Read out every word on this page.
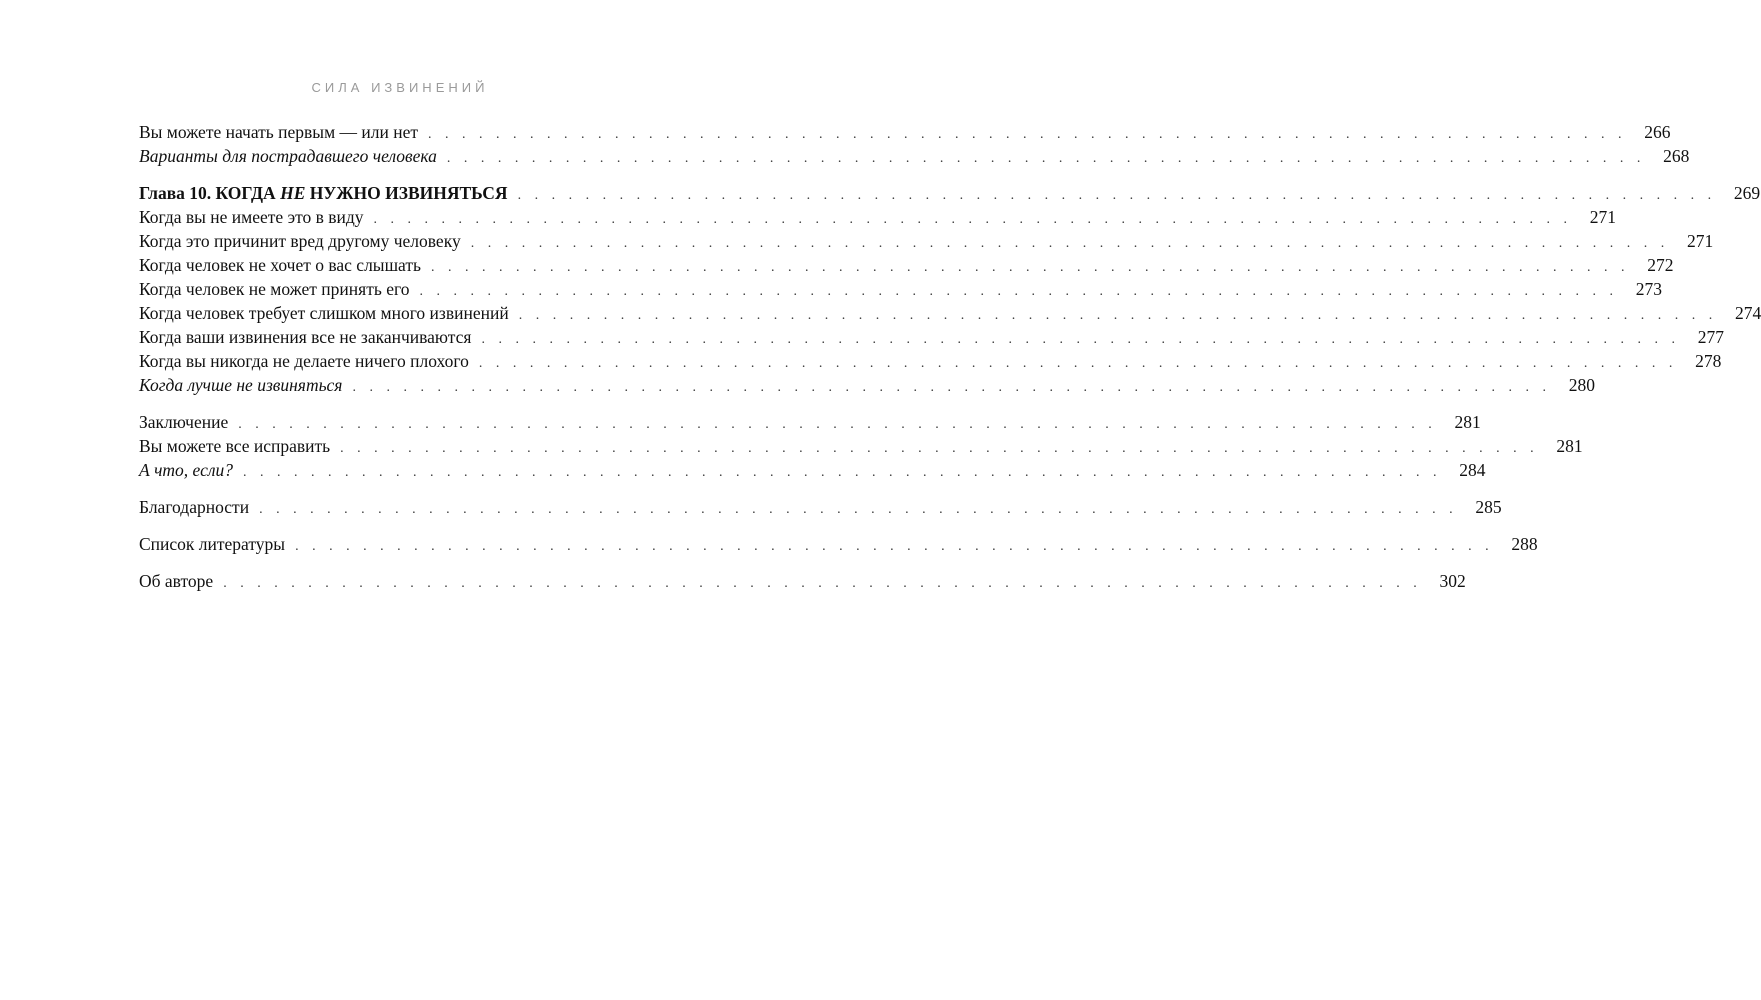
СИЛА ИЗВИНЕНИЙ
Вы можете начать первым — или нет . . . . . . . . . . . . . . . . . . . . . . . . . . . . . . . . . . . . . . . . . . . . . . . . . . . . . . . . . . . . . . . . . . . . . . .	266
Варианты для пострадавшего человека . . . . . . . . . . . . . . . . . . . . . . . . . . . . . . . . . . . . . . . . . . . . . . . . . . . . . . . . . . . . . . . . . . . . . . .	268
Глава 10. КОГДА НЕ НУЖНО ИЗВИНЯТЬСЯ . . . . . . . . . . . . . . . . . . . . . . . . . . . . . . . . . . . . . . . . . . . . . . . . . . . . . . . . . . . . . . . . . . . . . . .	269
Когда вы не имеете это в виду . . . . . . . . . . . . . . . . . . . . . . . . . . . . . . . . . . . . . . . . . . . . . . . . . . . . . . . . . . . . . . . . . . . . . . .	271
Когда это причинит вред другому человеку . . . . . . . . . . . . . . . . . . . . . . . . . . . . . . . . . . . . . . . . . . . . . . . . . . . . . . . . . . . . . . . . . . . . . . .	271
Когда человек не хочет о вас слышать . . . . . . . . . . . . . . . . . . . . . . . . . . . . . . . . . . . . . . . . . . . . . . . . . . . . . . . . . . . . . . . . . . . . . . .	272
Когда человек не может принять его . . . . . . . . . . . . . . . . . . . . . . . . . . . . . . . . . . . . . . . . . . . . . . . . . . . . . . . . . . . . . . . . . . . . . . .	273
Когда человек требует слишком много извинений . . . . . . . . . . . . . . . . . . . . . . . . . . . . . . . . . . . . . . . . . . . . . . . . . . . . . . . . . . . . . . . . . . . . . . .	274
Когда ваши извинения все не заканчиваются . . . . . . . . . . . . . . . . . . . . . . . . . . . . . . . . . . . . . . . . . . . . . . . . . . . . . . . . . . . . . . . . . . . . . . .	277
Когда вы никогда не делаете ничего плохого . . . . . . . . . . . . . . . . . . . . . . . . . . . . . . . . . . . . . . . . . . . . . . . . . . . . . . . . . . . . . . . . . . . . . . .	278
Когда лучше не извиняться . . . . . . . . . . . . . . . . . . . . . . . . . . . . . . . . . . . . . . . . . . . . . . . . . . . . . . . . . . . . . . . . . . . . . . .	280
Заключение . . . . . . . . . . . . . . . . . . . . . . . . . . . . . . . . . . . . . . . . . . . . . . . . . . . . . . . . . . . . . . . . . . . . . . .	281
Вы можете все исправить . . . . . . . . . . . . . . . . . . . . . . . . . . . . . . . . . . . . . . . . . . . . . . . . . . . . . . . . . . . . . . . . . . . . . . .	281
А что, если? . . . . . . . . . . . . . . . . . . . . . . . . . . . . . . . . . . . . . . . . . . . . . . . . . . . . . . . . . . . . . . . . . . . . . . .	284
Благодарности . . . . . . . . . . . . . . . . . . . . . . . . . . . . . . . . . . . . . . . . . . . . . . . . . . . . . . . . . . . . . . . . . . . . . . .	285
Список литературы . . . . . . . . . . . . . . . . . . . . . . . . . . . . . . . . . . . . . . . . . . . . . . . . . . . . . . . . . . . . . . . . . . . . . . .	288
Об авторе . . . . . . . . . . . . . . . . . . . . . . . . . . . . . . . . . . . . . . . . . . . . . . . . . . . . . . . . . . . . . . . . . . . . . . .	302
